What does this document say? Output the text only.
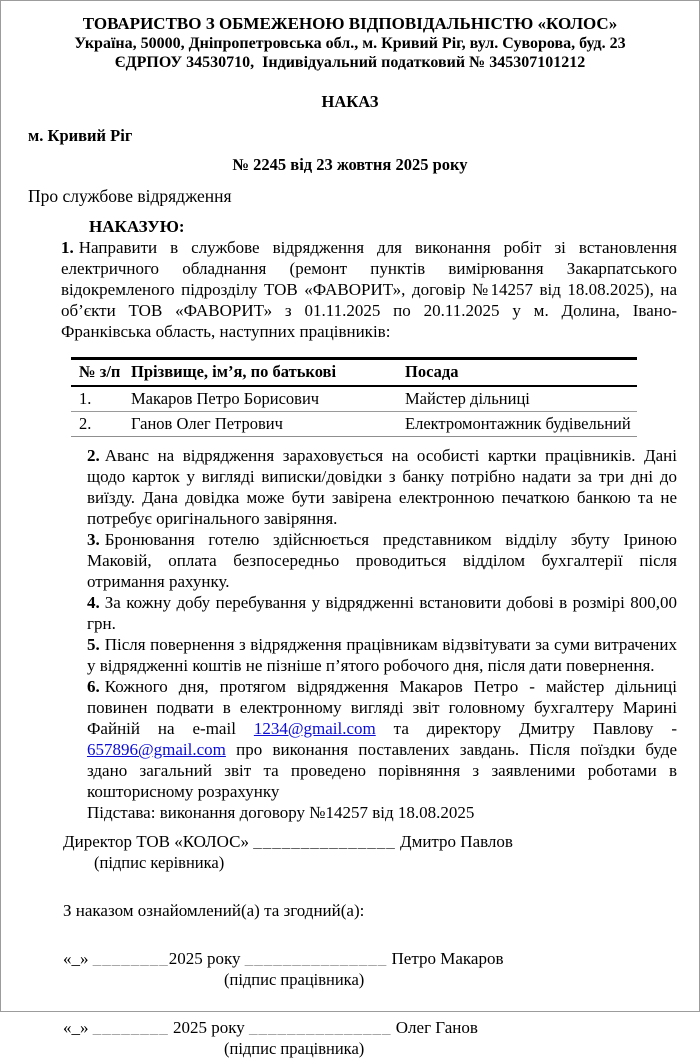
ТОВАРИСТВО З ОБМЕЖЕНОЮ ВІДПОВІДАЛЬНІСТЮ «КОЛОС»
Україна, 50000, Дніпропетровська обл., м. Кривий Ріг, вул. Суворова, буд. 23
ЄДРПОУ 34530710,  Індивідуальний податковий № 345307101212
НАКАЗ
м. Кривий Ріг
№ 2245 від 23 жовтня 2025 року
Про службове відрядження
НАКАЗУЮ:

1. Направити в службове відрядження для виконання робіт зі встановлення електричного обладнання (ремонт пунктів вимірювання Закарпатського відокремленого підрозділу ТОВ «ФАВОРИТ», договір №14257 від 18.08.2025), на об’єкти ТОВ «ФАВОРИТ» з 01.11.2025 по 20.11.2025 у м. Долина, Івано-Франківська область, наступних працівників:

№ з/п	Прізвище, ім’я, по батькові	Посада
1.	Макаров Петро Борисович	Майстер дільниці
2.	Ганов Олег Петрович	Електромонтажник будівельний

2. Аванс на відрядження зараховується на особисті картки працівників. Дані щодо карток у вигляді виписки/довідки з банку потрібно надати за три дні до виїзду. Дана довідка може бути завірена електронною печаткою банкою та не потребує оригінального завіряння.

3. Бронювання готелю здійснюється представником відділу збуту Іриною Маковій, оплата безпосередньо проводиться відділом бухгалтерії після отримання рахунку.

4. За кожну добу перебування у відрядженні встановити добові в розмірі 800,00 грн.

5. Після повернення з відрядження працівникам відзвітувати за суми витрачених у відрядженні коштів не пізніше п’ятого робочого дня, після дати повернення.

6. Кожного дня, протягом відрядження Макаров Петро - майстер дільниці повинен подвати в електронному вигляді звіт головному бухгалтеру Марині Файній на e-mail 1234@gmail.com та директору Дмитру Павлову - 657896@gmail.com про виконання поставлених завдань. Після поїздки буде здано загальний звіт та проведено порівняння з заявленими роботами в кошторисному розрахунку

Підстава: виконання договору №14257 від 18.08.2025
Директор ТОВ «КОЛОС» _______________ Дмитро Павлов
(підпис керівника)
З наказом ознайомлений(а) та згодний(а):
«_» ________2025 року _______________ Петро Макаров
(підпис працівника)
«_» ________ 2025 року _______________ Олег Ганов
(підпис працівника)
